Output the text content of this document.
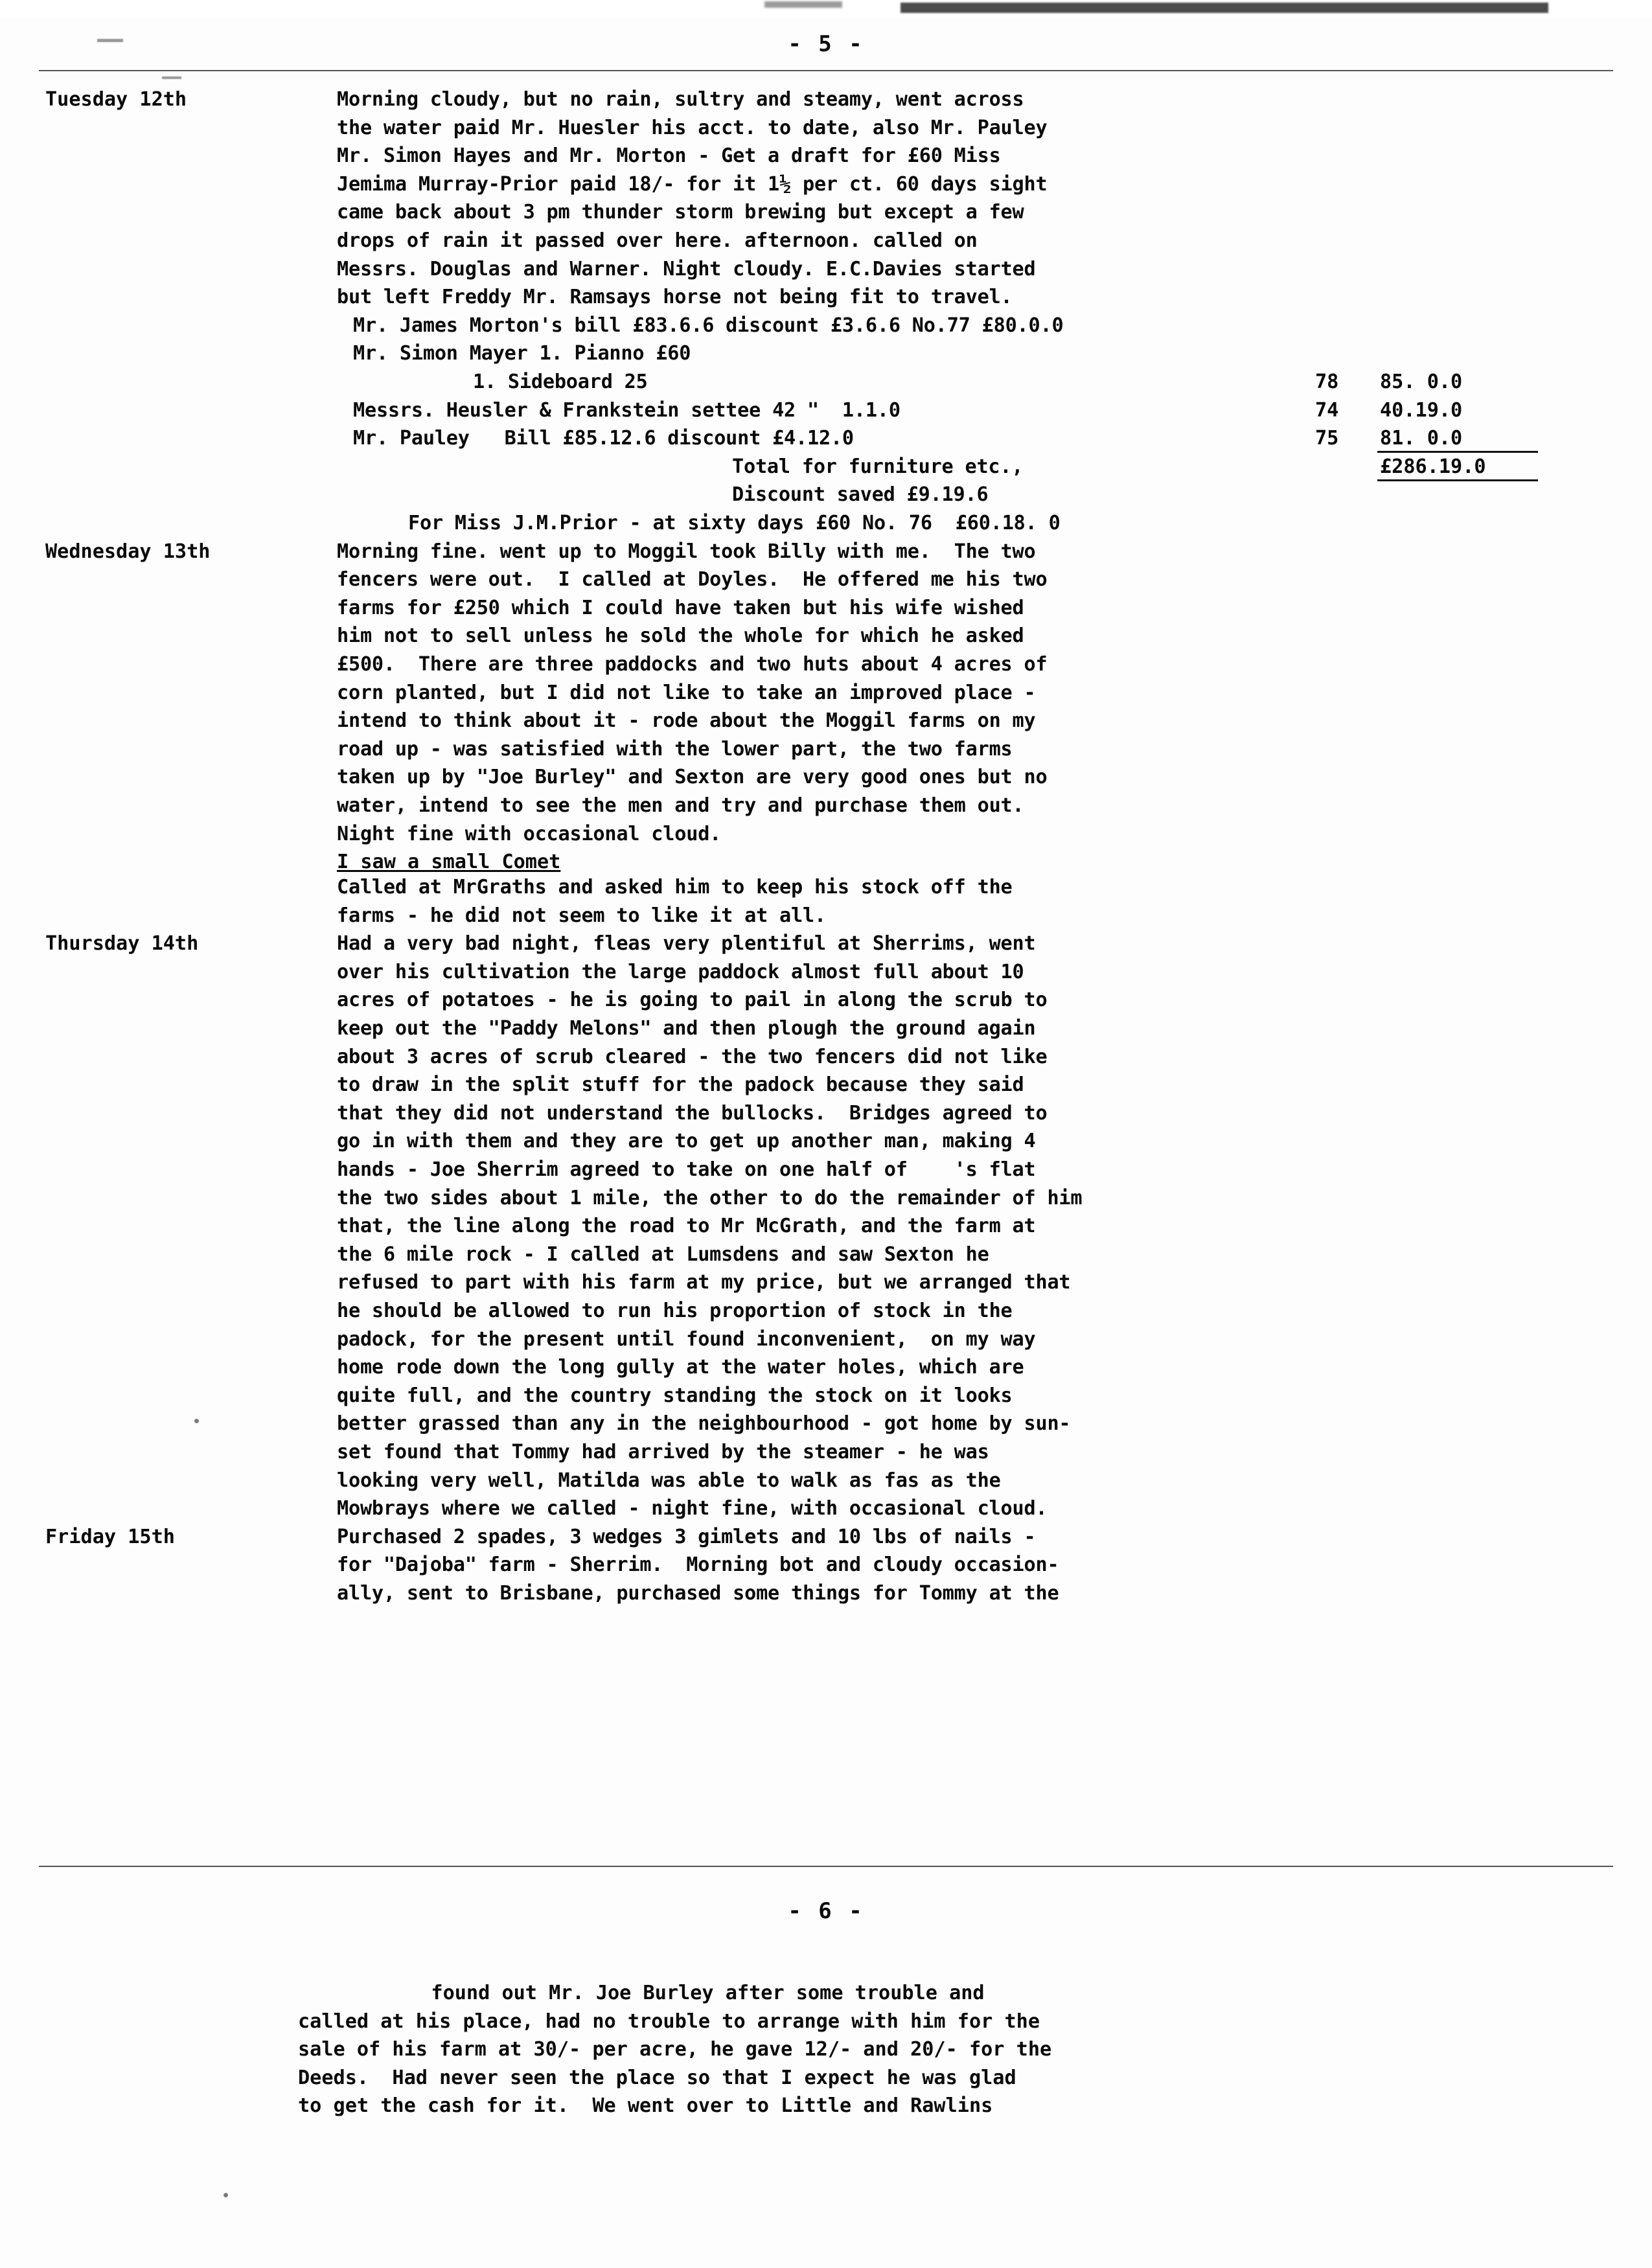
- 5 -
Tuesday 12th	Morning cloudy, but no rain, sultry and steamy, went across
the water paid Mr. Huesler his acct. to date, also Mr. Pauley
Mr. Simon Hayes and Mr. Morton - Get a draft for £60 Miss
Jemima Murray-Prior paid 18/- for it 1½ per ct. 60 days sight
came back about 3 pm thunder storm brewing but except a few
drops of rain it passed over here. afternoon. called on
Messrs. Douglas and Warner. Night cloudy. E.C.Davies started
but left Freddy Mr. Ramsays horse not being fit to travel.
Mr. James Morton's bill £83.6.6 discount £3.6.6 No.77 £80.0.0
Mr. Simon Mayer 1. Pianno £60
1. Sideboard 25	78 85. 0.0
Messrs. Heusler & Frankstein settee 42 "  1.1.0	74 40.19.0
Mr. Pauley   Bill £85.12.6 discount £4.12.0	75 81. 0.0
Total for furniture etc.,	£286.19.0
Discount saved £9.19.6
For Miss J.M.Prior - at sixty days £60 No. 76  £60.18. 0
Wednesday 13th	Morning fine. went up to Moggil took Billy with me.  The two
fencers were out.  I called at Doyles.  He offered me his two
farms for £250 which I could have taken but his wife wished
him not to sell unless he sold the whole for which he asked
£500.  There are three paddocks and two huts about 4 acres of
corn planted, but I did not like to take an improved place -
intend to think about it - rode about the Moggil farms on my
road up - was satisfied with the lower part, the two farms
taken up by "Joe Burley" and Sexton are very good ones but no
water, intend to see the men and try and purchase them out.
Night fine with occasional cloud.
I saw a small Comet
Called at MrGraths and asked him to keep his stock off the
farms - he did not seem to like it at all.
Thursday 14th	Had a very bad night, fleas very plentiful at Sherrims, went
over his cultivation the large paddock almost full about 10
acres of potatoes - he is going to pail in along the scrub to
keep out the "Paddy Melons" and then plough the ground again
about 3 acres of scrub cleared - the two fencers did not like
to draw in the split stuff for the padock because they said
that they did not understand the bullocks.  Bridges agreed to
go in with them and they are to get up another man, making 4
hands - Joe Sherrim agreed to take on one half of    's flat
the two sides about 1 mile, the other to do the remainder of him
that, the line along the road to Mr McGrath, and the farm at
the 6 mile rock - I called at Lumsdens and saw Sexton he
refused to part with his farm at my price, but we arranged that
he should be allowed to run his proportion of stock in the
padock, for the present until found inconvenient,  on my way
home rode down the long gully at the water holes, which are
quite full, and the country standing the stock on it looks
better grassed than any in the neighbourhood - got home by sun-
set found that Tommy had arrived by the steamer - he was
looking very well, Matilda was able to walk as fas as the
Mowbrays where we called - night fine, with occasional cloud.
Friday 15th	Purchased 2 spades, 3 wedges 3 gimlets and 10 lbs of nails -
for "Dajoba" farm - Sherrim.  Morning bot and cloudy occasion-
ally, sent to Brisbane, purchased some things for Tommy at the
- 6 -
found out Mr. Joe Burley after some trouble and
called at his place, had no trouble to arrange with him for the
sale of his farm at 30/- per acre, he gave 12/- and 20/- for the
Deeds.  Had never seen the place so that I expect he was glad
to get the cash for it.  We went over to Little and Rawlins
